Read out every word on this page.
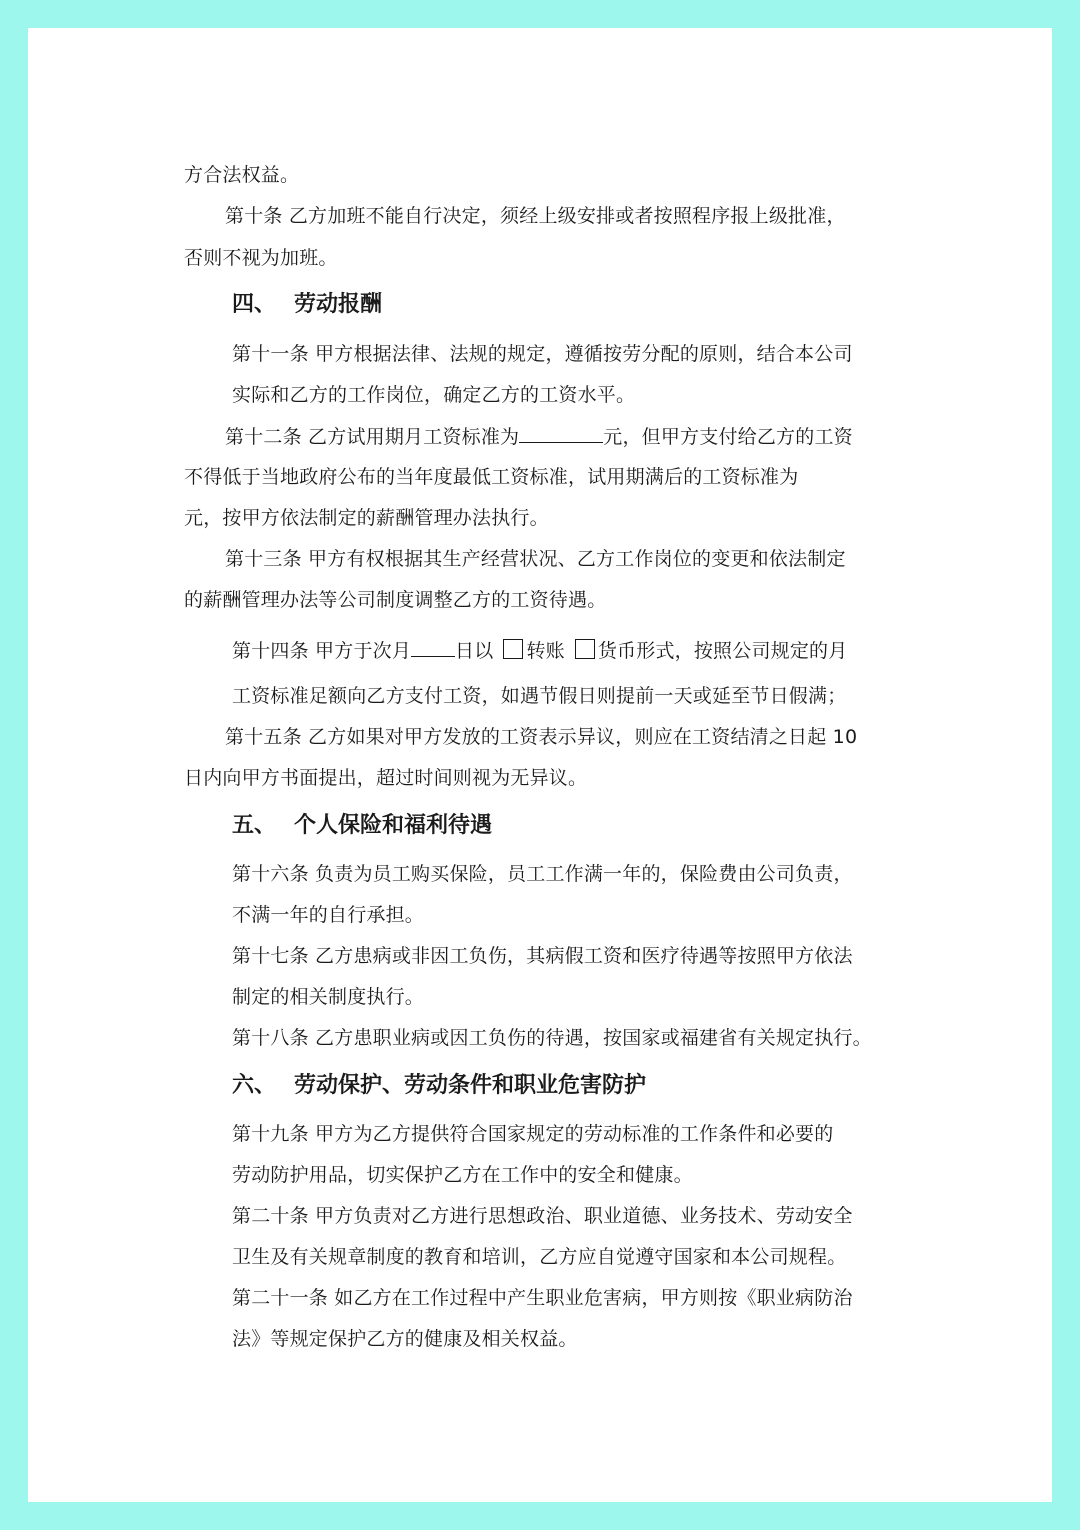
方合法权益。
第十条 乙方加班不能自行决定，须经上级安排或者按照程序报上级批准，
否则不视为加班。
四、 劳动报酬
第十一条 甲方根据法律、法规的规定，遵循按劳分配的原则，结合本公司
实际和乙方的工作岗位，确定乙方的工资水平。
第十二条 乙方试用期月工资标准为	元，但甲方支付给乙方的工资
不得低于当地政府公布的当年度最低工资标准，试用期满后的工资标准为
元，按甲方依法制定的薪酬管理办法执行。
第十三条 甲方有权根据其生产经营状况、乙方工作岗位的变更和依法制定
的薪酬管理办法等公司制度调整乙方的工资待遇。
第十四条 甲方于次月 日以 转账 货币形式，按照公司规定的月
工资标准足额向乙方支付工资，如遇节假日则提前一天或延至节日假满；
第十五条 乙方如果对甲方发放的工资表示异议，则应在工资结清之日起 10
日内向甲方书面提出，超过时间则视为无异议。
五、 个人保险和福利待遇
第十六条 负责为员工购买保险，员工工作满一年的，保险费由公司负责，
不满一年的自行承担。
第十七条 乙方患病或非因工负伤，其病假工资和医疗待遇等按照甲方依法
制定的相关制度执行。
第十八条 乙方患职业病或因工负伤的待遇，按国家或福建省有关规定执行。
六、 劳动保护、劳动条件和职业危害防护
第十九条 甲方为乙方提供符合国家规定的劳动标准的工作条件和必要的
劳动防护用品，切实保护乙方在工作中的安全和健康。
第二十条 甲方负责对乙方进行思想政治、职业道德、业务技术、劳动安全
卫生及有关规章制度的教育和培训，乙方应自觉遵守国家和本公司规程。
第二十一条 如乙方在工作过程中产生职业危害病，甲方则按《职业病防治
法》等规定保护乙方的健康及相关权益。
